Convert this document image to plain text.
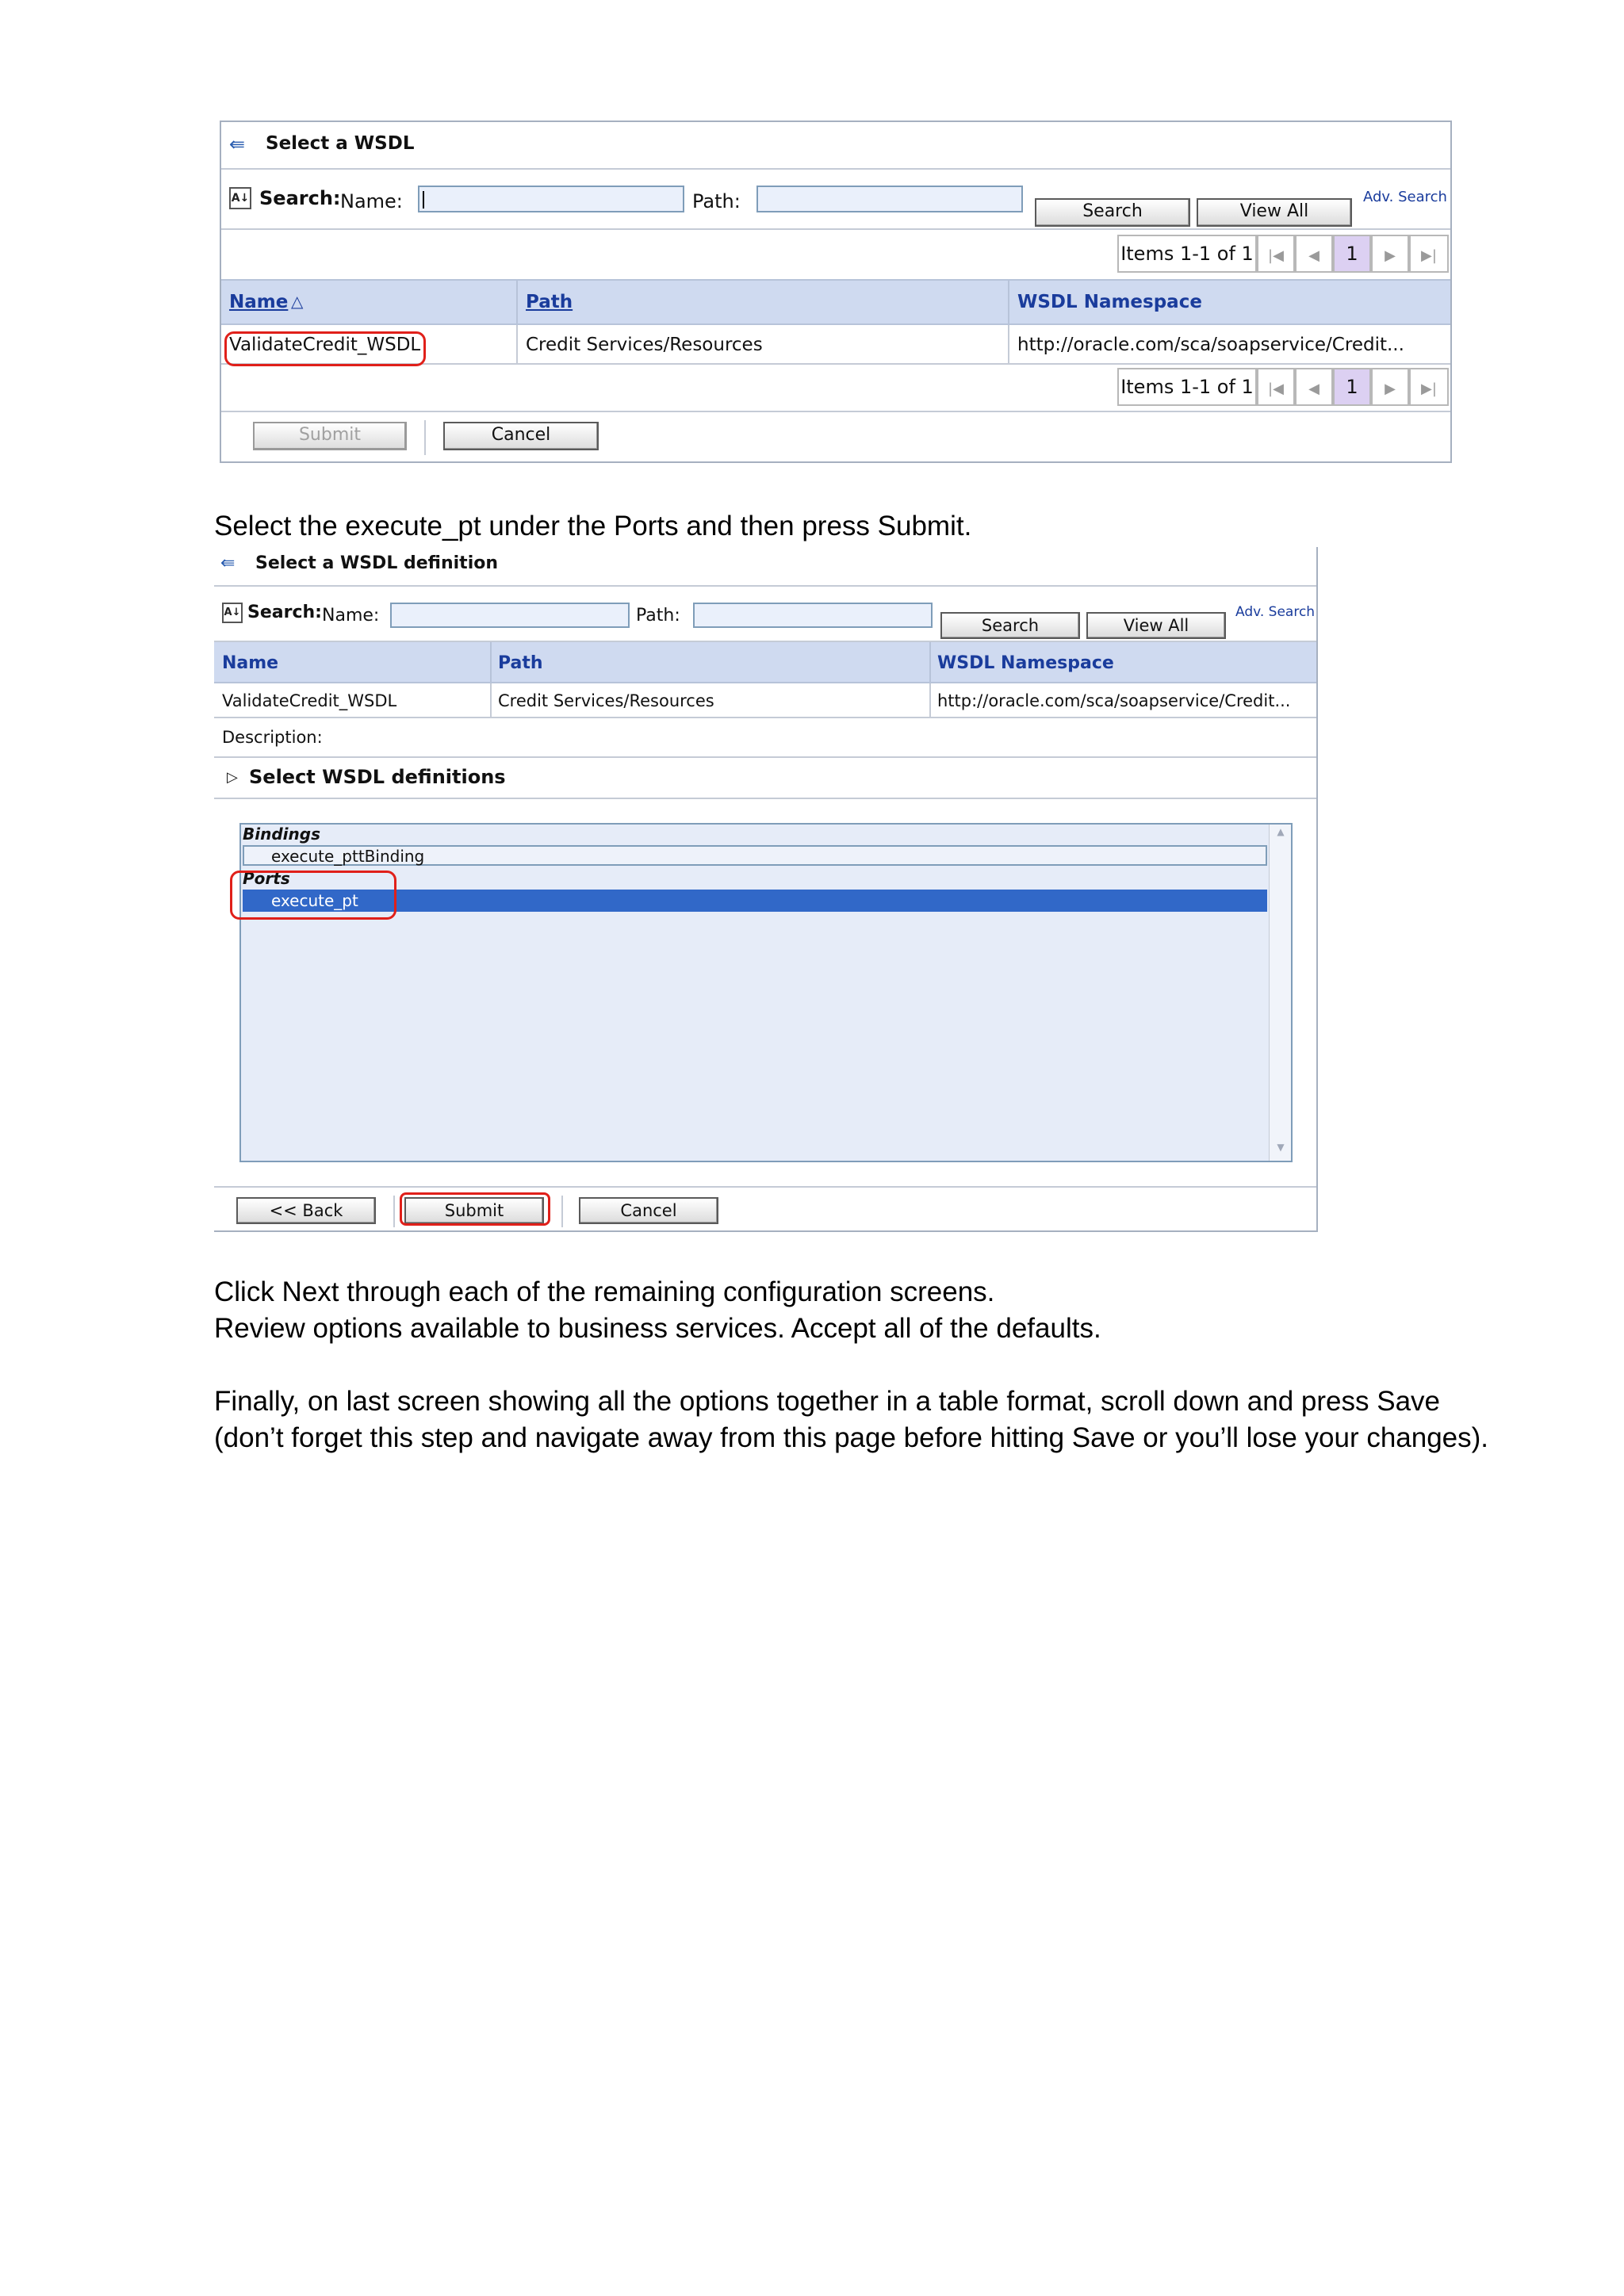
⇚	Select a WSDL
A↓ Search: Name:	Path:	Search	View All
Adv. Search
Items 1-1 of 1	|◀	◀	1	▶	▶|
Name △	Path	WSDL Namespace
ValidateCredit_WSDL	Credit Services/Resources	http://oracle.com/sca/soapservice/Credit...
Items 1-1 of 1	|◀	◀	1	▶	▶|
Submit	Cancel
Select the execute_pt under the Ports and then press Submit.
⇚	Select a WSDL definition
A↓ Search: Name:	Path:	Search	View All
Adv. Search
Name	Path	WSDL Namespace
ValidateCredit_WSDL	Credit Services/Resources	http://oracle.com/sca/soapservice/Credit...
Description:
▷ Select WSDL definitions
Bindings
execute_pttBinding
Ports
execute_pt
▲
▼
<< Back	Submit	Cancel
Click Next through each of the remaining configuration screens.
Review options available to business services. Accept all of the defaults.
Finally, on last screen showing all the options together in a table format, scroll down and press Save
(don’t forget this step and navigate away from this page before hitting Save or you’ll lose your changes).
